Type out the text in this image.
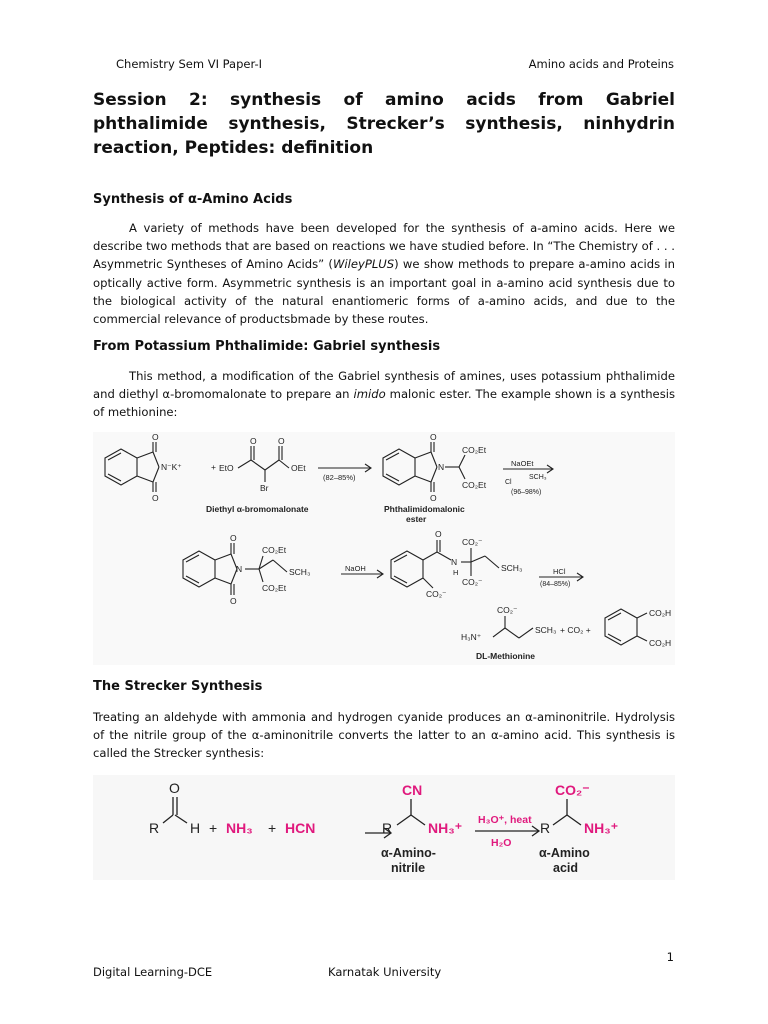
Chemistry Sem VI Paper-I	Amino acids and Proteins
Session 2: synthesis of amino acids from Gabriel phthalimide synthesis, Strecker’s synthesis, ninhydrin reaction, Peptides: definition
Synthesis of α-Amino Acids
A variety of methods have been developed for the synthesis of a-amino acids. Here we describe two methods that are based on reactions we have studied before. In “The Chemistry of . . . Asymmetric Syntheses of Amino Acids” (WileyPLUS) we show methods to prepare a-amino acids in optically active form. Asymmetric synthesis is an important goal in a-amino acid synthesis due to the biological activity of the natural enantiomeric forms of a-amino acids, and due to the commercial relevance of productsbmade by these routes.
From Potassium Phthalimide: Gabriel synthesis
This method, a modification of the Gabriel synthesis of amines, uses potassium phthalimide and diethyl α-bromomalonate to prepare an imido malonic ester. The example shown is a synthesis of methionine:
O
N⁻K⁺
O
+
O	O
EtO	OEt
Br
(82–85%)
O
N
O
CO₂Et
CO₂Et
NaOEt
SCH₃
Cl
(96–98%)
O
N
O
CO₂Et
CO₂Et
SCH₃	NaOH
O
N
H
CO₂⁻
CO₂⁻
CO₂⁻
SCH₃	HCl
(84–85%)
CO₂⁻
H₃N⁺
SCH₃ + CO₂ +
CO₂H
CO₂H
Diethyl α-bromomalonate	Phthalimidomalonic
ester
DL-Methionine
The Strecker Synthesis
Treating an aldehyde with ammonia and hydrogen cyanide produces an α-aminonitrile. Hydrolysis of the nitrile group of the α-aminonitrile converts the latter to an α-amino acid. This synthesis is called the Strecker synthesis:
O
R H + NH₃ + HCN
CN
R	NH₃⁺ H₃O⁺, heat
H₂O
CO₂⁻
R NH₃⁺
α-Amino-
nitrile
α-Amino
acid
1
Digital Learning-DCE	Karnatak University
